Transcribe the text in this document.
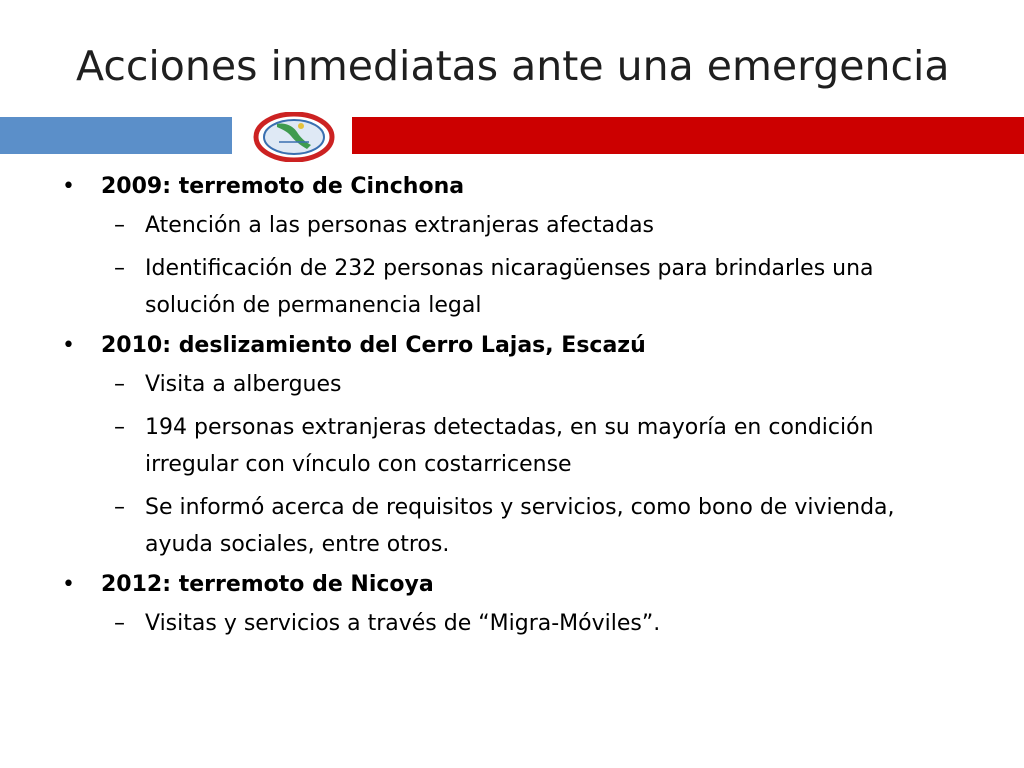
Acciones inmediatas ante una emergencia
• 2009: terremoto de Cinchona
– Atención a las personas extranjeras afectadas
– Identificación de 232 personas nicaragüenses para brindarles una solución de permanencia legal
• 2010: deslizamiento del Cerro Lajas, Escazú
– Visita a albergues
– 194 personas extranjeras detectadas, en su mayoría en condición irregular con vínculo con costarricense
– Se informó acerca de requisitos y servicios, como bono de vivienda, ayuda sociales, entre otros.
• 2012: terremoto de Nicoya
– Visitas y servicios a través de “Migra-Móviles”.
